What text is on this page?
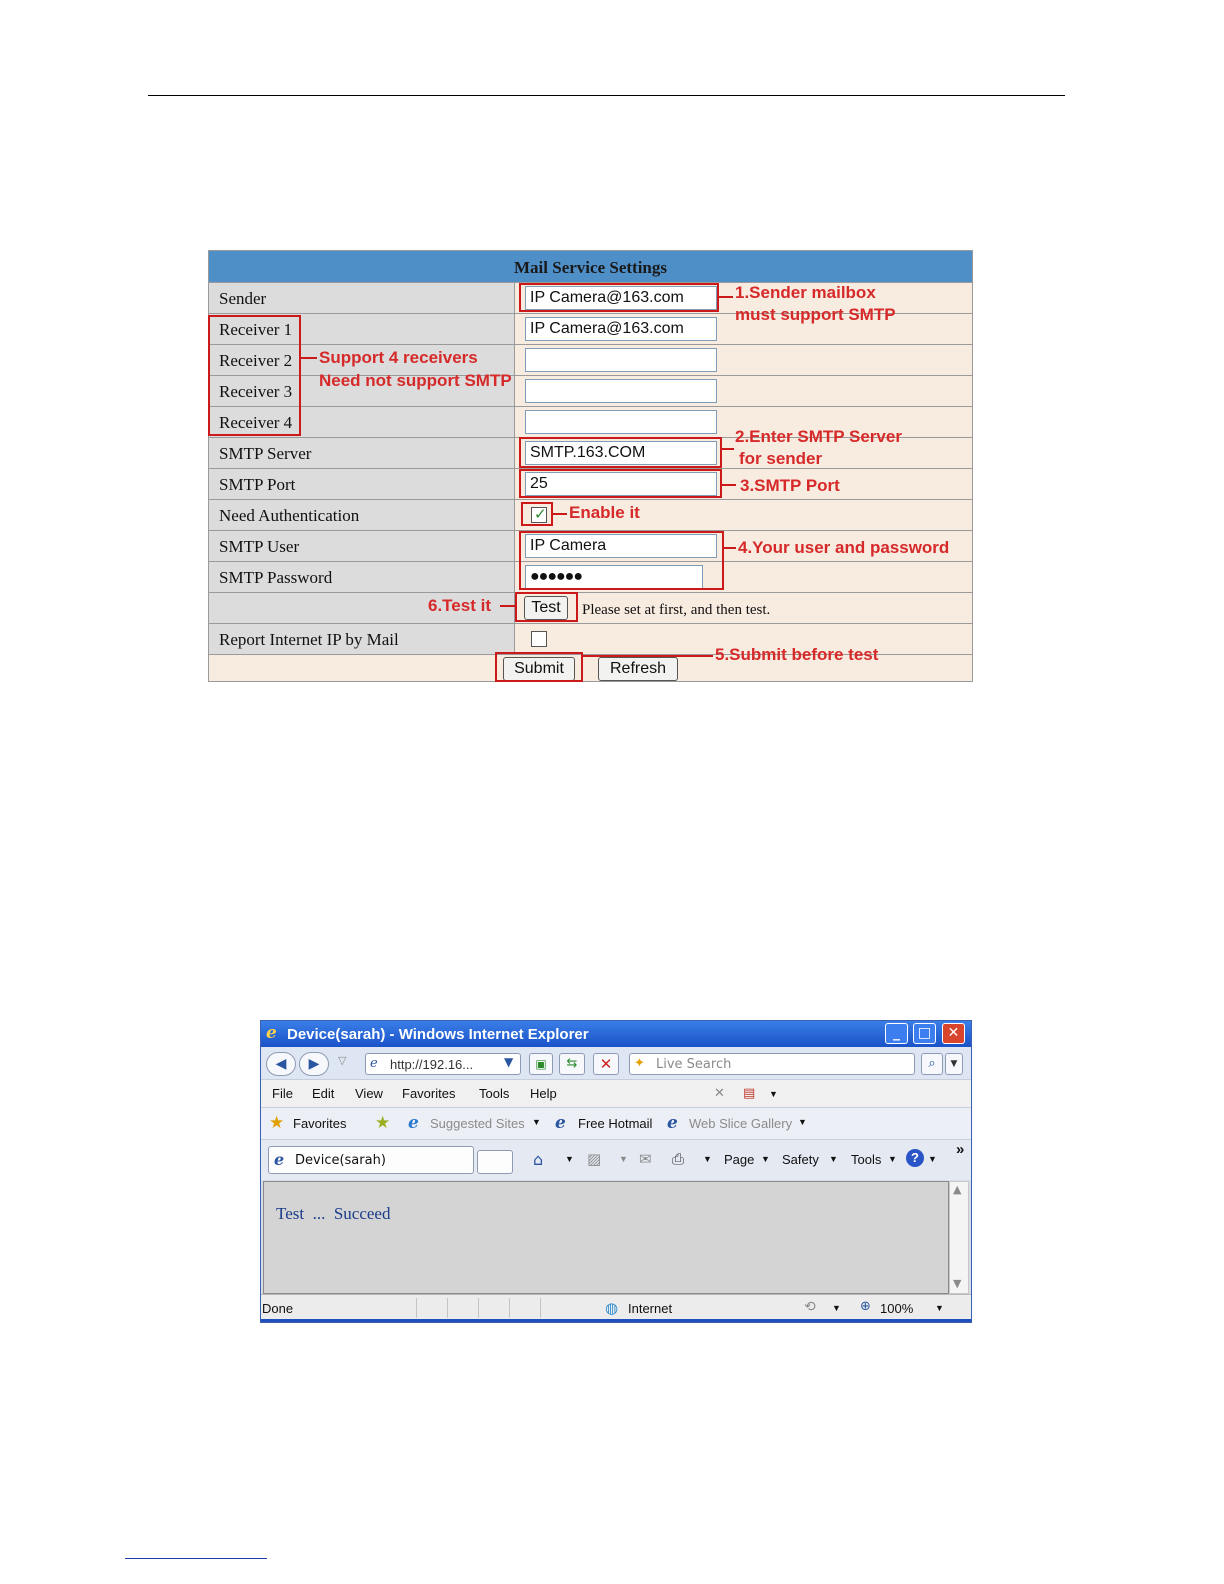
Mail Service Settings
Sender	IP Camera@163.com
Receiver 1	IP Camera@163.com
Receiver 2
Receiver 3
Receiver 4
SMTP Server	SMTP.163.COM
SMTP Port	25
Need Authentication	✓
SMTP User	IP Camera
SMTP Password	●●●●●●
Test	Please set at first, and then test.
Report Internet IP by Mail
Submit	Refresh
1.Sender mailbox
must support SMTP
Support 4 receivers
Need not support SMTP
2.Enter SMTP Server
for sender
3.SMTP Port
Enable it
4.Your user and password
6.Test it
5.Submit before test
e Device(sarah) - Windows Internet Explorer	_	□	✕
◀	▶	▽ e http://192.16...	▼	▣	⇆	✕	✦ Live Search	⌕	▼
File Edit View Favorites Tools Help	✕ ▤ ▼
★ Favorites ★ e Suggested Sites ▼ e Free Hotmail e Web Slice Gallery ▼
e Device(sarah)	⌂ ▼ ▨ ▼ ✉ ⎙ ▼ Page ▼ Safety ▼ Tools ▼	?	▼
»
Test  ...  Succeed
▲
▼
Done	◍ Internet	⟲ ▼ ⊕ 100% ▼
